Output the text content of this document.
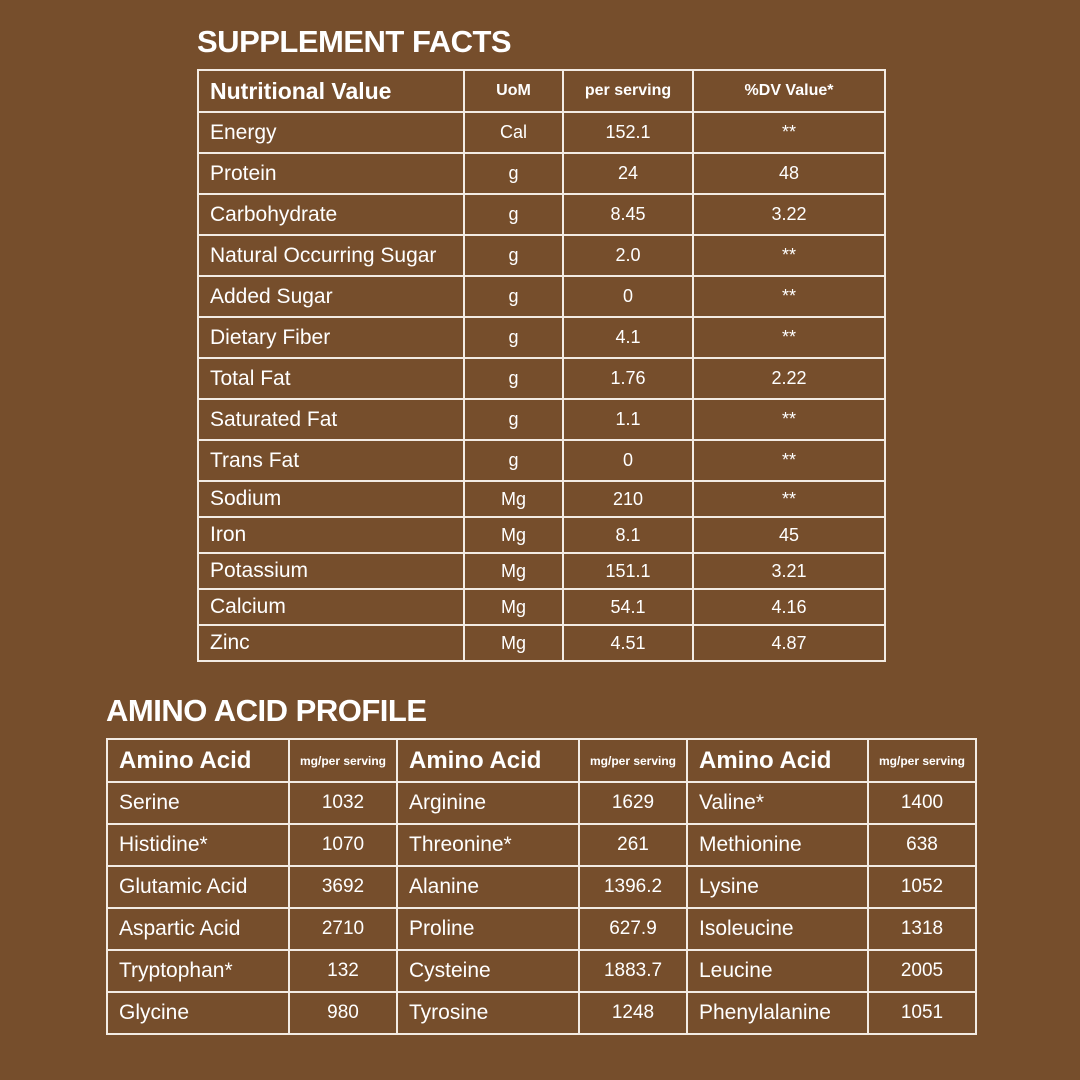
SUPPLEMENT FACTS
Nutritional Value	UoM	per serving	%DV Value*
Energy	Cal	152.1	**
Protein	g	24	48
Carbohydrate	g	8.45	3.22
Natural Occurring Sugar	g	2.0	**
Added Sugar	g	0	**
Dietary Fiber	g	4.1	**
Total Fat	g	1.76	2.22
Saturated Fat	g	1.1	**
Trans Fat	g	0	**
Sodium	Mg	210	**
Iron	Mg	8.1	45
Potassium	Mg	151.1	3.21
Calcium	Mg	54.1	4.16
Zinc	Mg	4.51	4.87
AMINO ACID PROFILE
Amino Acid	mg/per serving	Amino Acid	mg/per serving	Amino Acid	mg/per serving
Serine	1032	Arginine	1629	Valine*	1400
Histidine*	1070	Threonine*	261	Methionine	638
Glutamic Acid	3692	Alanine	1396.2	Lysine	1052
Aspartic Acid	2710	Proline	627.9	Isoleucine	1318
Tryptophan*	132	Cysteine	1883.7	Leucine	2005
Glycine	980	Tyrosine	1248	Phenylalanine	1051
